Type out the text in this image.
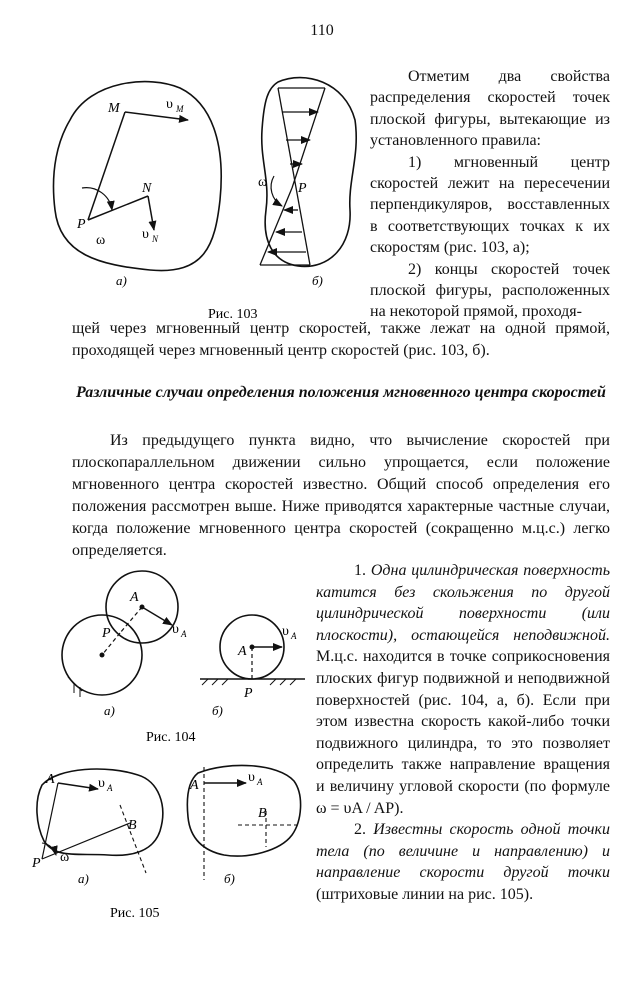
110

Отметим два свойства распределения скоростей точек плоской фигуры, вытекающие из установленного правила:

1) мгновенный центр скоростей лежит на пересечении перпендикуляров, восставленных в соответствующих точках к их скоростям (рис. 103, а);

2) концы скоростей точек плоской фигуры, расположенных на некоторой прямой, проходя-

щей через мгновенный центр скоростей, также лежат на одной прямой, проходящей через мгновенный центр скоростей (рис. 103, б).

M	υ M
N
υ N
P
ω
а)
P
ω
б)
Рис. 103
Различные случаи определения положения мгновенного центра скоростей

Из предыдущего пункта видно, что вычисление скоростей при плоскопараллельном движении сильно упрощается, если положение мгновенного центра скоростей известно. Общий способ определения его положения рассмотрен выше. Ниже приводятся характерные частные случаи, когда положение мгновенного центра скоростей (сокращенно м.ц.с.) легко определяется.

1. Одна цилиндрическая поверхность катится без скольжения по другой цилиндрической поверхности (или плоскости), остающейся неподвижной. М.ц.с. находится в точке соприкосновения плоских фигур подвижной и неподвижной поверхностей (рис. 104, а, б). Если при этом известна скорость какой-либо точки подвижного цилиндра, то это позволяет определить также направление вращения и величину угловой скорости (по формуле ω = υA / AP).

2. Известны скорость одной точки тела (по величине и направлению) и направление скорости другой точки (штриховые линии на рис. 105).

A
P	υ A
а)
A
P
υ A
б)
Рис. 104
A
B
P ω
υ A
а)
A
B
υ A
б)
Рис. 105
